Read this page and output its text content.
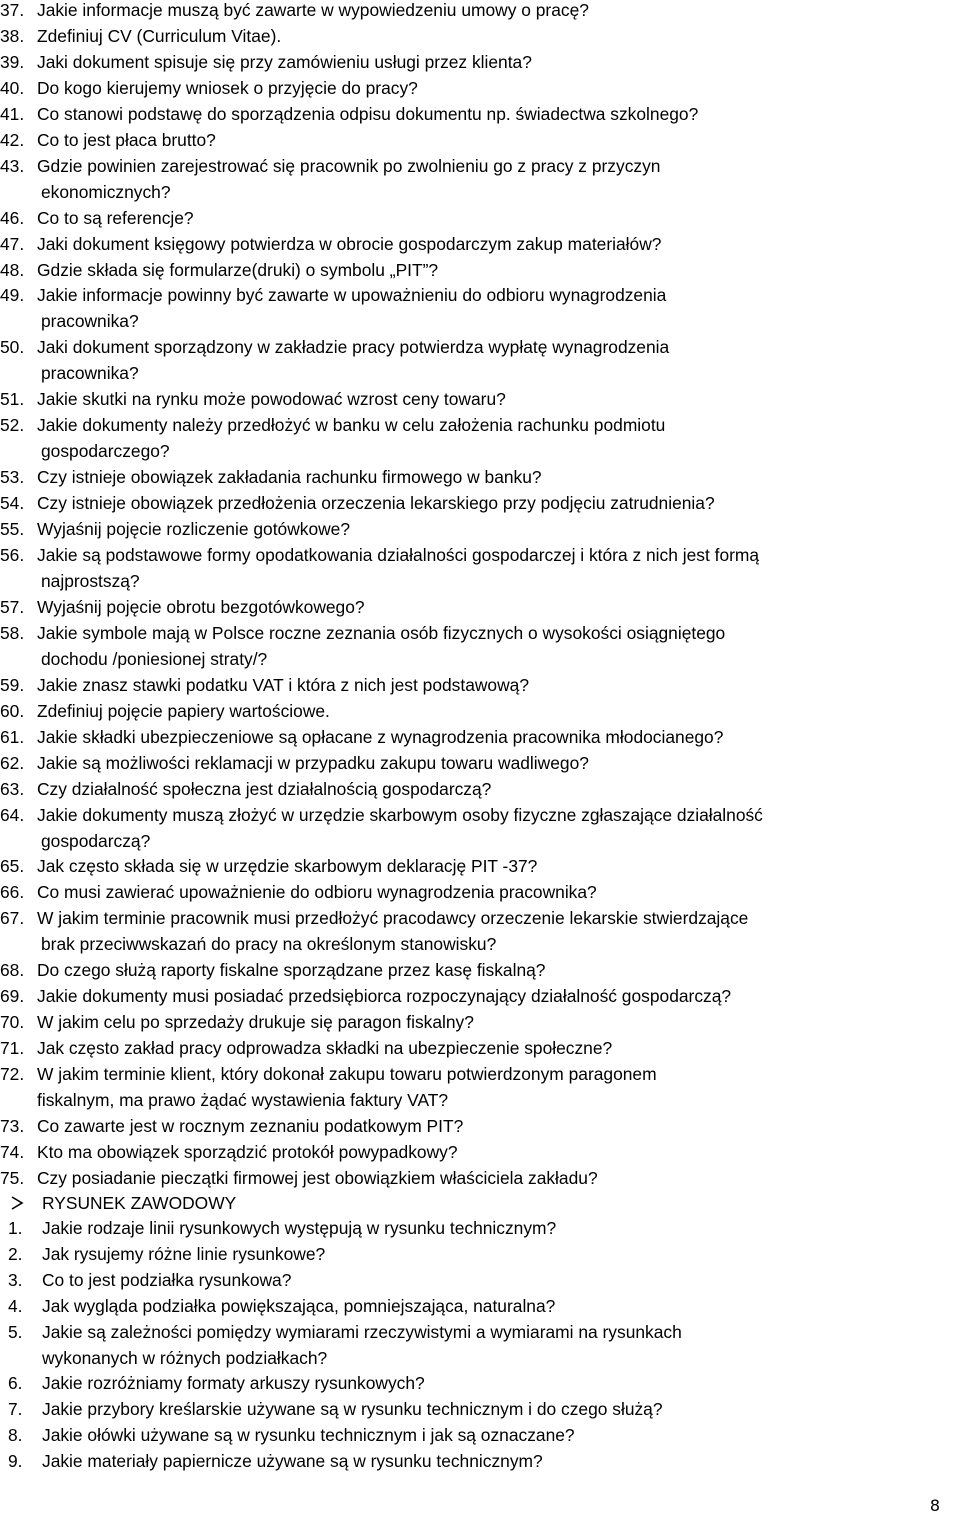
37. Jakie informacje muszą być zawarte w wypowiedzeniu umowy o pracę?
38. Zdefiniuj CV (Curriculum Vitae).
39. Jaki dokument spisuje się przy zamówieniu usługi przez klienta?
40. Do kogo kierujemy wniosek o przyjęcie do pracy?
41. Co stanowi podstawę do sporządzenia odpisu dokumentu np. świadectwa szkolnego?
42. Co to jest płaca brutto?
43. Gdzie powinien zarejestrować się pracownik po zwolnieniu go z pracy z przyczyn
ekonomicznych?
46. Co to są referencje?
47. Jaki dokument księgowy potwierdza w obrocie gospodarczym zakup materiałów?
48. Gdzie składa się formularze(druki) o symbolu „PIT”?
49. Jakie informacje powinny być zawarte w upoważnieniu do odbioru wynagrodzenia
pracownika?
50. Jaki dokument sporządzony w zakładzie pracy potwierdza wypłatę wynagrodzenia
pracownika?
51. Jakie skutki na rynku może powodować wzrost ceny towaru?
52. Jakie dokumenty należy przedłożyć w banku w celu założenia rachunku podmiotu
gospodarczego?
53. Czy istnieje obowiązek zakładania rachunku firmowego w banku?
54. Czy istnieje obowiązek przedłożenia orzeczenia lekarskiego przy podjęciu zatrudnienia?
55. Wyjaśnij pojęcie rozliczenie gotówkowe?
56. Jakie są podstawowe formy opodatkowania działalności gospodarczej i która z nich jest formą
najprostszą?
57. Wyjaśnij pojęcie obrotu bezgotówkowego?
58. Jakie symbole mają w Polsce roczne zeznania osób fizycznych o wysokości osiągniętego
dochodu /poniesionej straty/?
59. Jakie znasz stawki podatku VAT i która z nich jest podstawową?
60. Zdefiniuj pojęcie papiery wartościowe.
61. Jakie składki ubezpieczeniowe są opłacane z wynagrodzenia pracownika młodocianego?
62. Jakie są możliwości reklamacji w przypadku zakupu towaru wadliwego?
63. Czy działalność społeczna jest działalnością gospodarczą?
64. Jakie dokumenty muszą złożyć w urzędzie skarbowym osoby fizyczne zgłaszające działalność
gospodarczą?
65. Jak często składa się w urzędzie skarbowym deklarację PIT -37?
66. Co musi zawierać upoważnienie do odbioru wynagrodzenia pracownika?
67. W jakim terminie pracownik musi przedłożyć pracodawcy orzeczenie lekarskie stwierdzające
brak przeciwwskazań do pracy na określonym stanowisku?
68. Do czego służą raporty fiskalne sporządzane przez kasę fiskalną?
69. Jakie dokumenty musi posiadać przedsiębiorca rozpoczynający działalność gospodarczą?
70. W jakim celu po sprzedaży drukuje się paragon fiskalny?
71. Jak często zakład pracy odprowadza składki na ubezpieczenie społeczne?
72. W jakim terminie klient, który dokonał zakupu towaru potwierdzonym paragonem
fiskalnym, ma prawo żądać wystawienia faktury VAT?
73. Co zawarte jest w rocznym zeznaniu podatkowym PIT?
74. Kto ma obowiązek sporządzić protokół powypadkowy?
75. Czy posiadanie pieczątki firmowej jest obowiązkiem właściciela zakładu?
RYSUNEK ZAWODOWY
1.	Jakie rodzaje linii rysunkowych występują w rysunku technicznym?
2.	Jak rysujemy różne linie rysunkowe?
3.	Co to jest podziałka rysunkowa?
4.	Jak wygląda podziałka powiększająca, pomniejszająca, naturalna?
5.	Jakie są zależności pomiędzy wymiarami rzeczywistymi a wymiarami na rysunkach
wykonanych w różnych podziałkach?
6.	Jakie rozróżniamy formaty arkuszy rysunkowych?
7.	Jakie przybory kreślarskie używane są w rysunku technicznym i do czego służą?
8.	Jakie ołówki używane są w rysunku technicznym i jak są oznaczane?
9.	Jakie materiały papiernicze używane są w rysunku technicznym?
8
